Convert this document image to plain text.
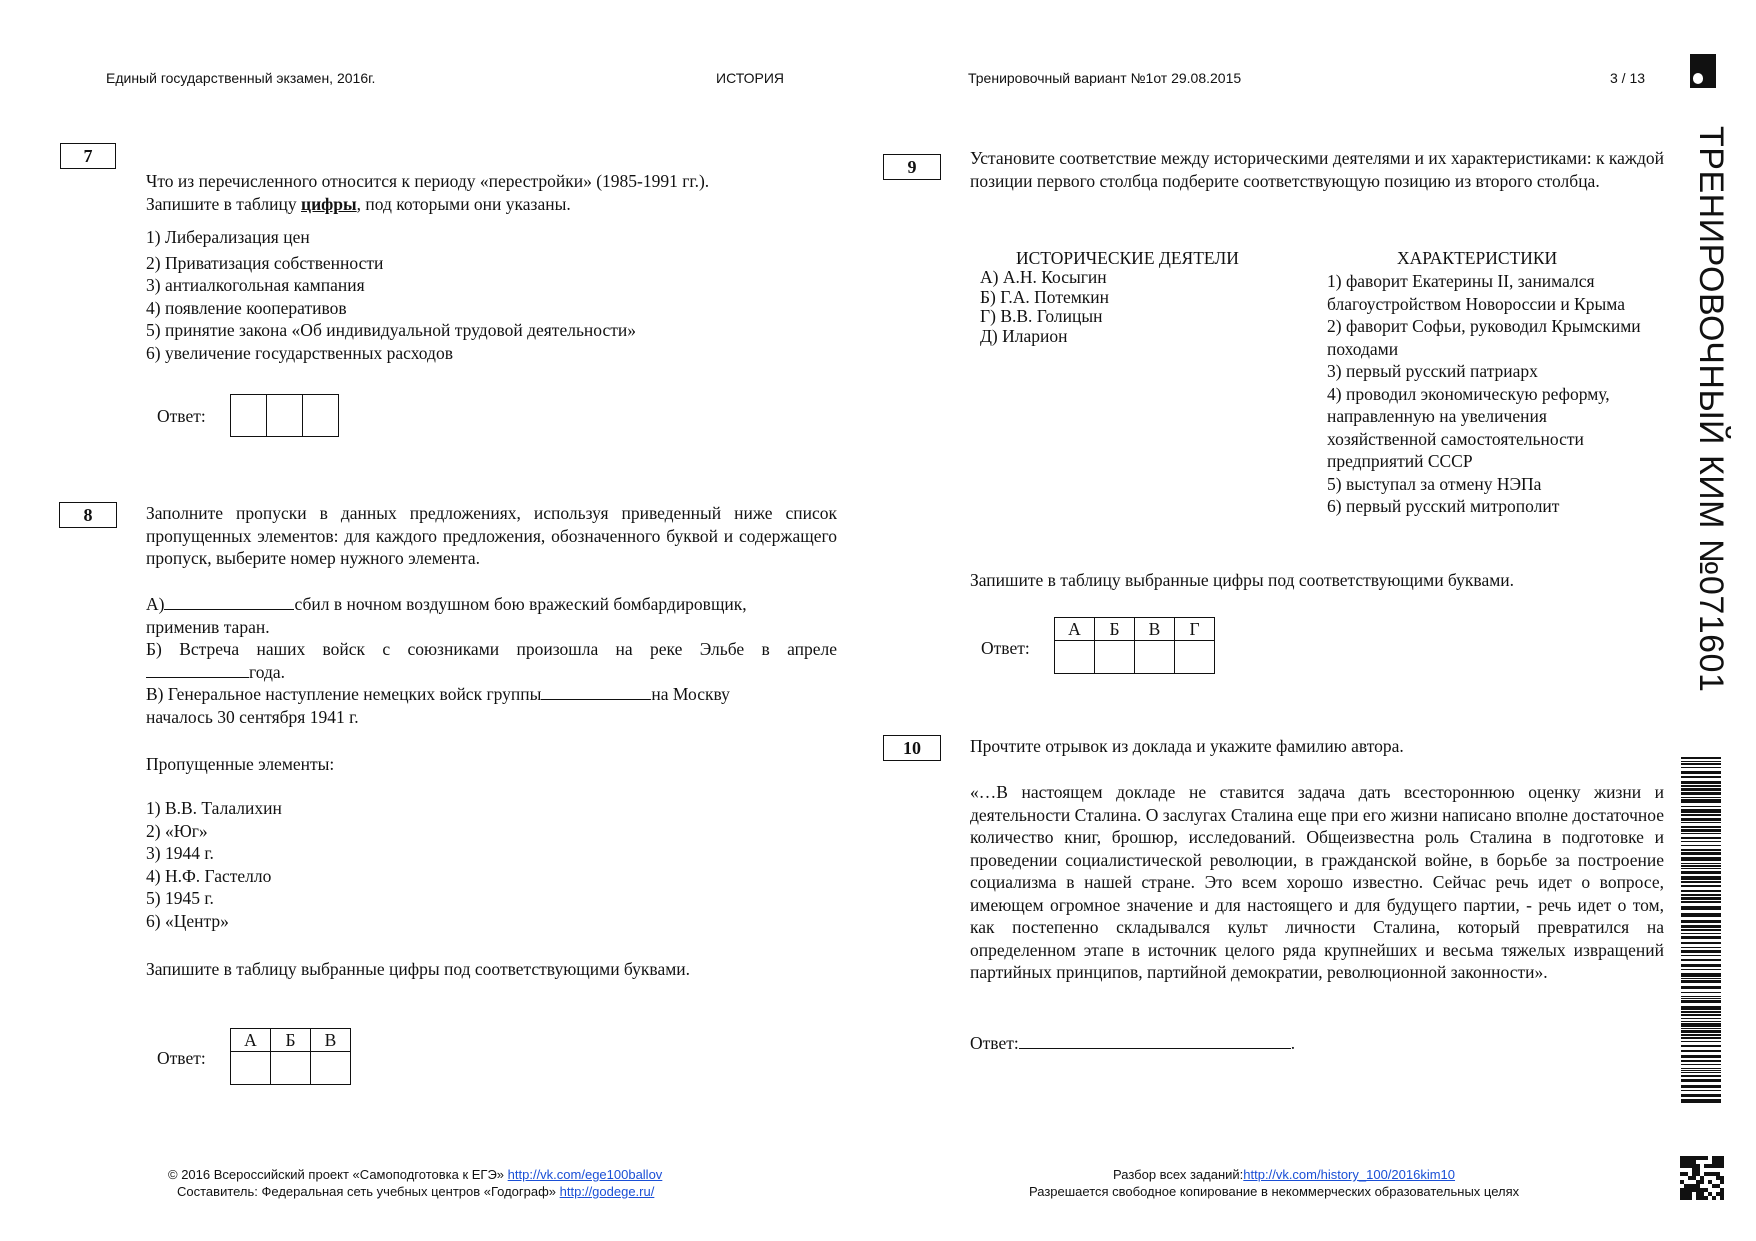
Единый государственный экзамен, 2016г.	ИСТОРИЯ	Тренировочный вариант №1от 29.08.2015	3 / 13
ТРЕНИРОВОЧНЫЙ КИМ №071601
7
Что из перечисленного относится к периоду «перестройки» (1985-1991 гг.).
Запишите в таблицу цифры, под которыми они указаны.
1) Либерализация цен
2) Приватизация собственности
3) антиалкогольная кампания
4) появление кооперативов
5) принятие закона «Об индивидуальной трудовой деятельности»
6) увеличение государственных расходов
Ответ:

8	Заполните пропуски в данных предложениях, используя приведенный ниже список пропущенных элементов: для каждого предложения, обозначенного буквой и содержащего пропуск, выберите номер нужного элемента.
А)	сбил в ночном воздушном бою вражеский бомбардировщик,
применив таран.
Б) Встреча наших войск с союзниками произошла на реке Эльбе в апреле
года.
В) Генеральное наступление немецких войск группы	на Москву
началось 30 сентября 1941 г.
Пропущенные элементы:
1) В.В. Талалихин
2) «Юг»
3) 1944 г.
4) Н.Ф. Гастелло
5) 1945 г.
6) «Центр»
Запишите в таблицу выбранные цифры под соответствующими буквами.
Ответ:
А	Б	В

9	Установите соответствие между историческими деятелями и их характеристиками: к каждой позиции первого столбца подберите соответствующую позицию из второго столбца.
ИСТОРИЧЕСКИЕ ДЕЯТЕЛИ
А) А.Н. Косыгин
Б) Г.А. Потемкин
Г) В.В. Голицын
Д) Иларион
ХАРАКТЕРИСТИКИ
1) фаворит Екатерины II, занимался благоустройством Новороссии и Крыма
2) фаворит Софьи, руководил Крымскими походами
3) первый русский патриарх
4) проводил экономическую реформу, направленную на увеличения хозяйственной самостоятельности предприятий СССР
5) выступал за отмену НЭПа
6) первый русский митрополит
Запишите в таблицу выбранные цифры под соответствующими буквами.
Ответ:
А	Б	В	Г

10	Прочтите отрывок из доклада и укажите фамилию автора.
«…В настоящем докладе не ставится задача дать всестороннюю оценку жизни и деятельности Сталина. О заслугах Сталина еще при его жизни написано вполне достаточное количество книг, брошюр, исследований. Общеизвестна роль Сталина в подготовке и проведении социалистической революции, в гражданской войне, в борьбе за построение социализма в нашей стране. Это всем хорошо известно. Сейчас речь идет о вопросе, имеющем огромное значение и для настоящего и для будущего партии, - речь идет о том, как постепенно складывался культ личности Сталина, который превратился на определенном этапе в источник целого ряда крупнейших и весьма тяжелых извращений партийных принципов, партийной демократии, революционной законности».
Ответ:	.
© 2016 Всероссийский проект «Самоподготовка к ЕГЭ» http://vk.com/ege100ballov
Составитель: Федеральная сеть учебных центров «Годограф» http://godege.ru/
Разбор всех заданий:http://vk.com/history_100/2016kim10
Разрешается свободное копирование в некоммерческих образовательных целях
